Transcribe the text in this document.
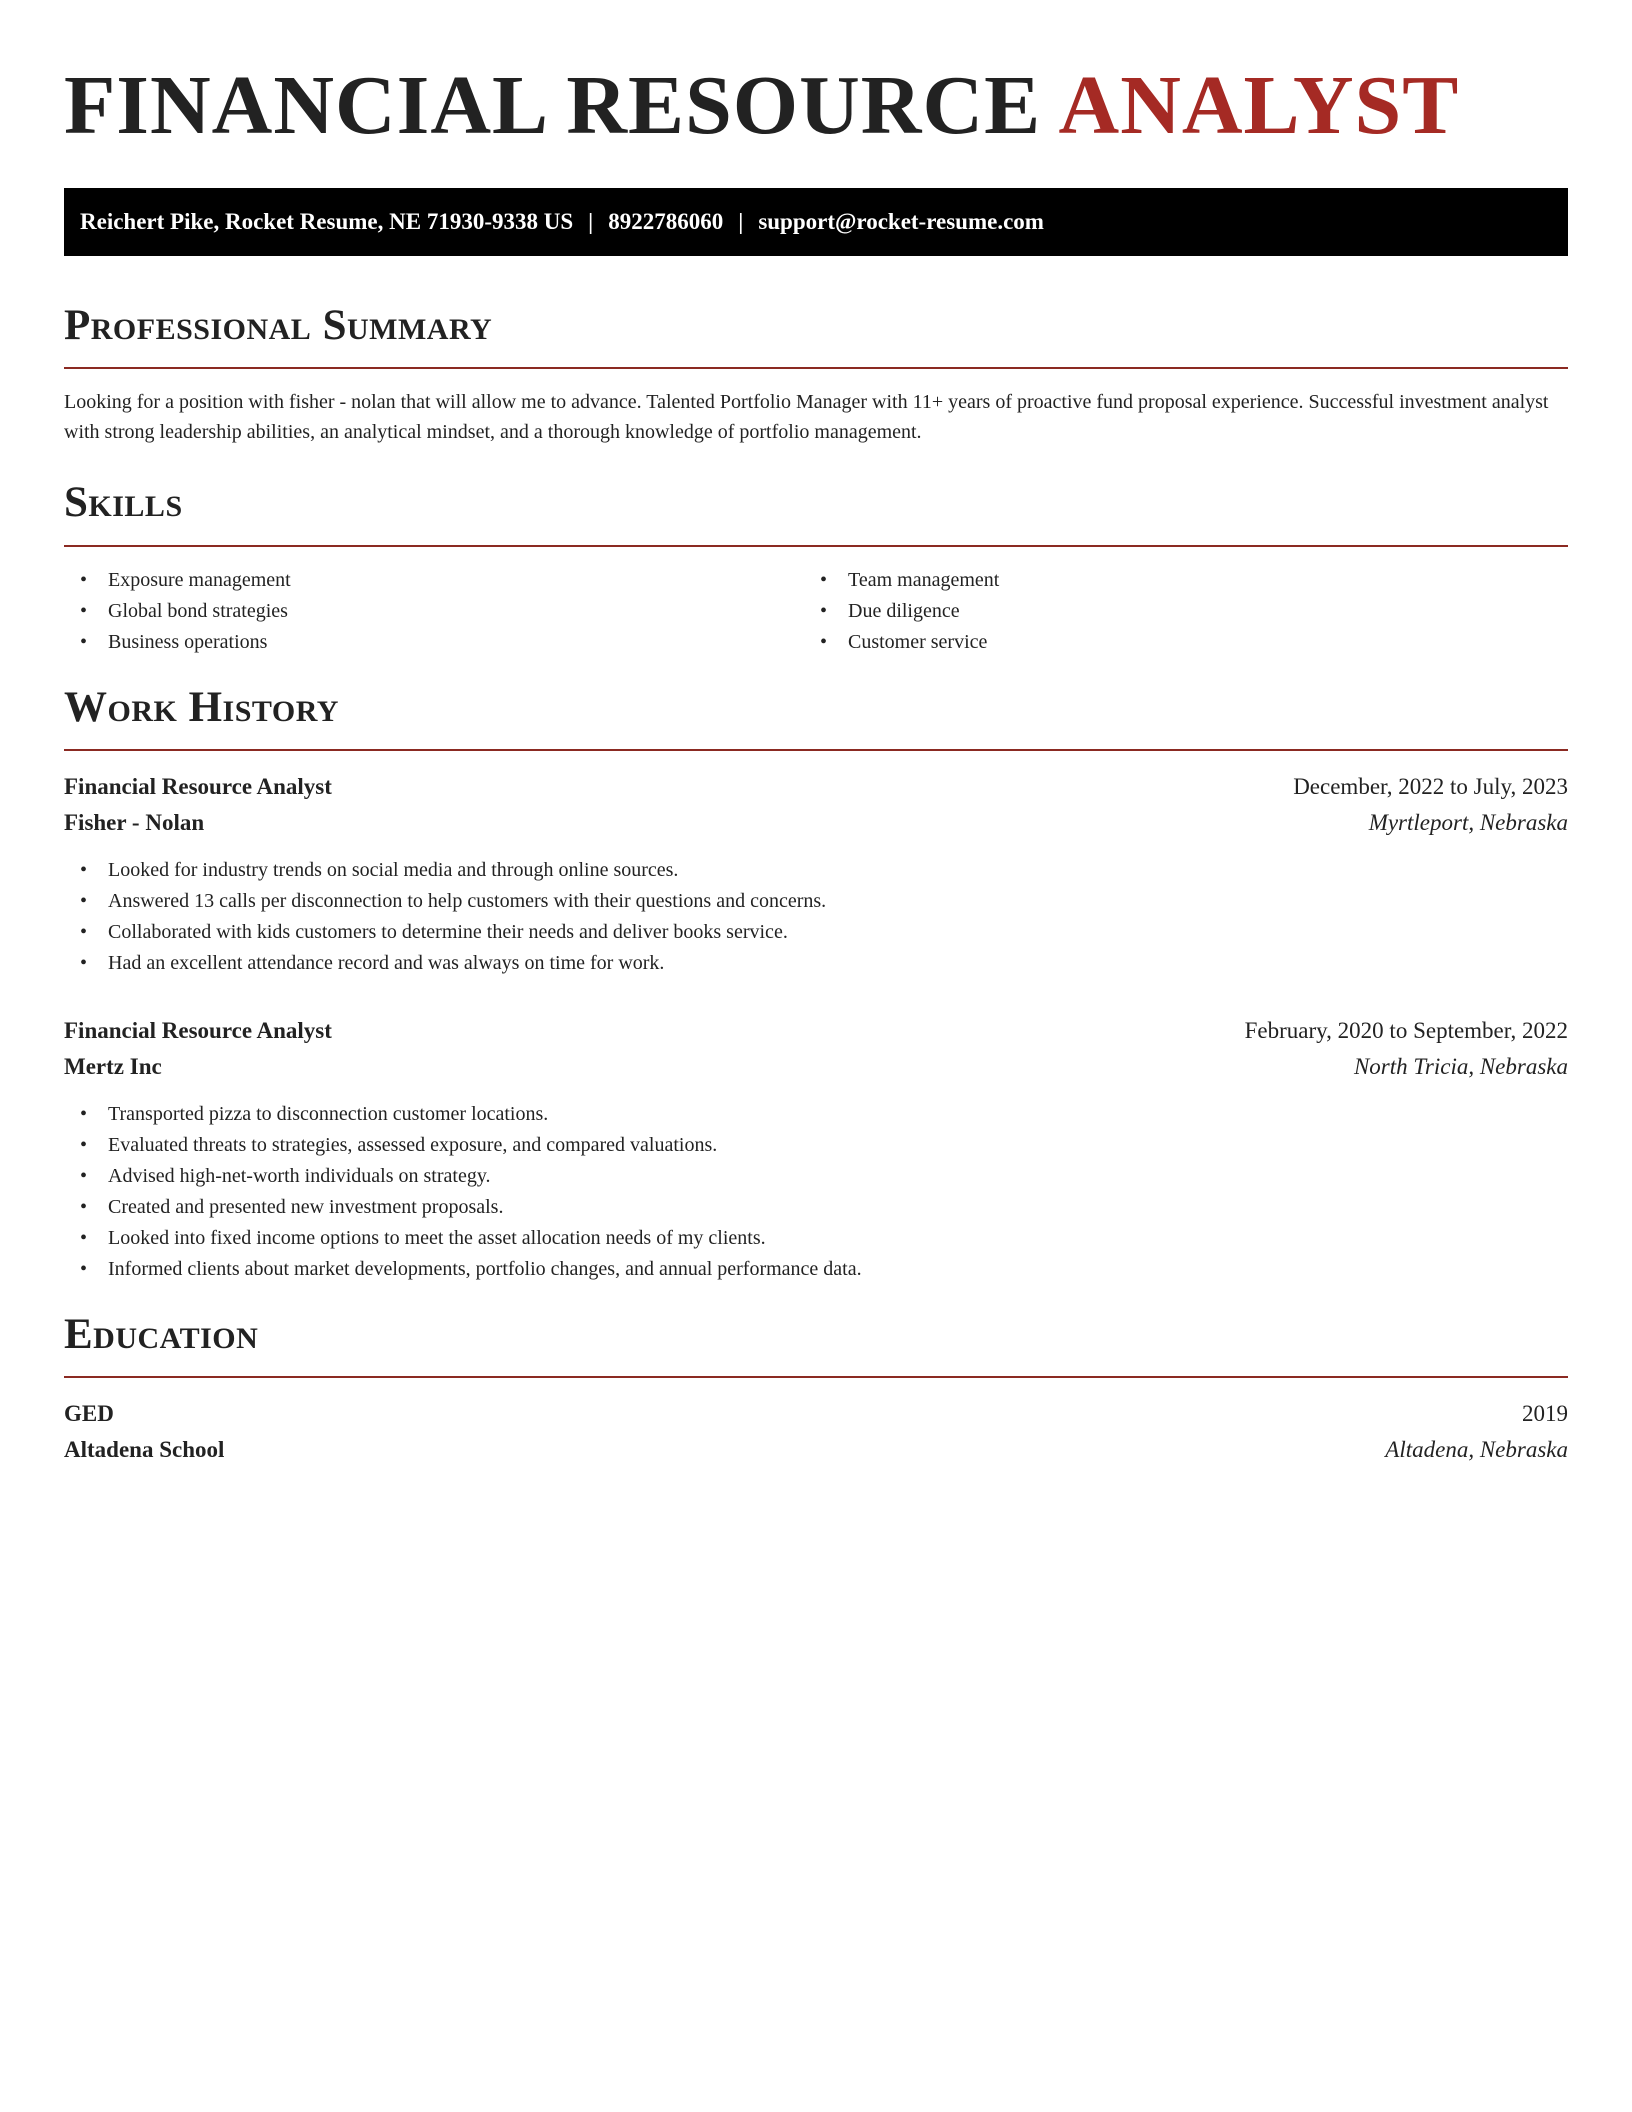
FINANCIAL RESOURCE ANALYST
Reichert Pike, Rocket Resume, NE 71930-9338 US | 8922786060 | support@rocket-resume.com
Professional Summary

Looking for a position with fisher - nolan that will allow me to advance. Talented Portfolio Manager with 11+ years of proactive fund proposal experience. Successful investment analyst with strong leadership abilities, an analytical mindset, and a thorough knowledge of portfolio management.

Skills
• Exposure management
• Global bond strategies
• Business operations
• Team management
• Due diligence
• Customer service
Work History
Financial Resource Analyst	December, 2022 to July, 2023
Fisher - Nolan	Myrtleport, Nebraska
• Looked for industry trends on social media and through online sources.
• Answered 13 calls per disconnection to help customers with their questions and concerns.
• Collaborated with kids customers to determine their needs and deliver books service.
• Had an excellent attendance record and was always on time for work.
Financial Resource Analyst	February, 2020 to September, 2022
Mertz Inc	North Tricia, Nebraska
• Transported pizza to disconnection customer locations.
• Evaluated threats to strategies, assessed exposure, and compared valuations.
• Advised high-net-worth individuals on strategy.
• Created and presented new investment proposals.
• Looked into fixed income options to meet the asset allocation needs of my clients.
• Informed clients about market developments, portfolio changes, and annual performance data.
Education
GED	2019
Altadena School	Altadena, Nebraska
